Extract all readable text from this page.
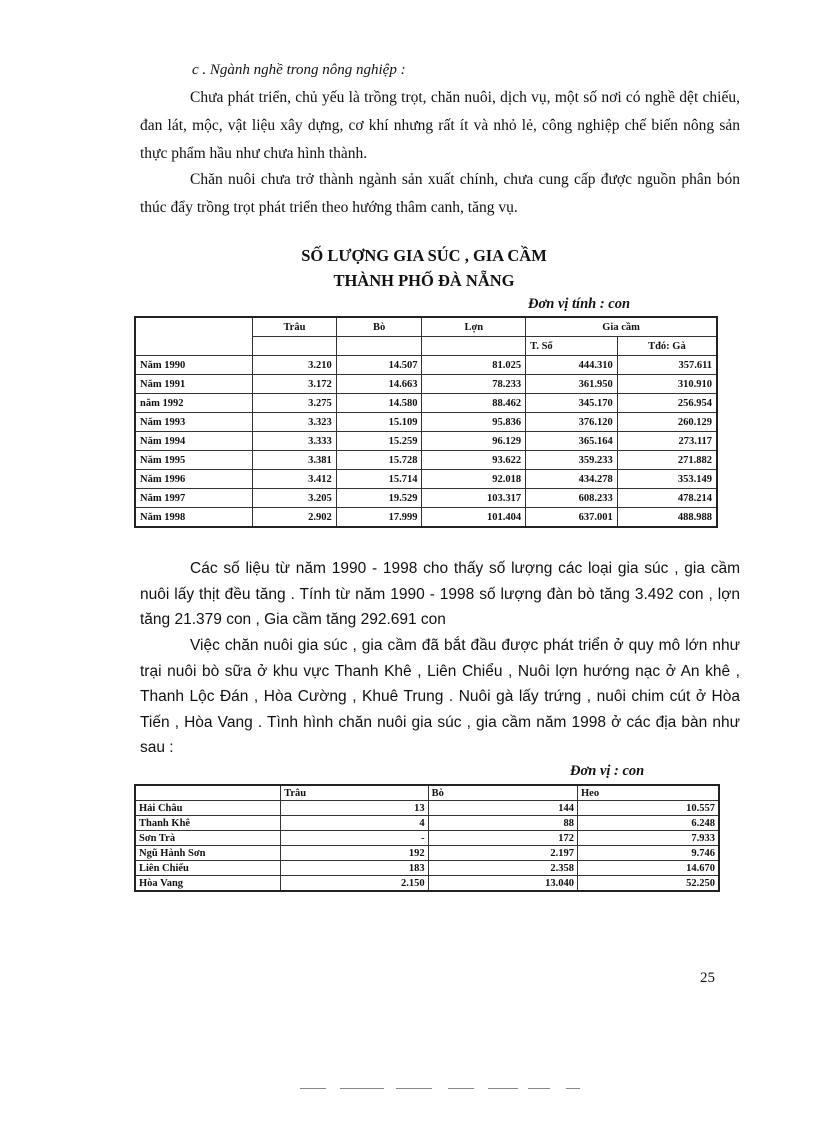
c . Ngành nghề trong nông nghiệp :

Chưa phát triển, chủ yếu là trồng trọt, chăn nuôi, dịch vụ, một số nơi có nghề dệt chiếu, đan lát, mộc, vật liệu xây dựng, cơ khí nhưng rất ít và nhỏ lẻ, công nghiệp chế biến nông sản thực phẩm hầu như chưa hình thành.

Chăn nuôi chưa trở thành ngành sản xuất chính, chưa cung cấp được nguồn phân bón thúc đẩy trồng trọt phát triển theo hướng thâm canh, tăng vụ.

SỐ LƯỢNG GIA SÚC , GIA CẦM
THÀNH PHỐ ĐÀ NẴNG
Đơn vị tính : con
	Trâu	Bò	Lợn	Gia cầm	
				T. Số	Tđó: Gà
Năm 1990	3.210	14.507	81.025	444.310	357.611
Năm 1991	3.172	14.663	78.233	361.950	310.910
năm 1992	3.275	14.580	88.462	345.170	256.954
Năm 1993	3.323	15.109	95.836	376.120	260.129
Năm 1994	3.333	15.259	96.129	365.164	273.117
Năm 1995	3.381	15.728	93.622	359.233	271.882
Năm 1996	3.412	15.714	92.018	434.278	353.149
Năm 1997	3.205	19.529	103.317	608.233	478.214
Năm 1998	2.902	17.999	101.404	637.001	488.988

Các số liệu từ năm 1990 - 1998 cho thấy số lượng các loại gia súc , gia cầm nuôi lấy thịt đều tăng . Tính từ năm 1990 - 1998 số lượng đàn bò tăng 3.492 con , lợn tăng 21.379 con , Gia cầm tăng 292.691 con

Việc chăn nuôi gia súc , gia cầm đã bắt đầu được phát triển ở quy mô lớn như trại nuôi bò sữa ở khu vực Thanh Khê , Liên Chiểu , Nuôi lợn hướng nạc ở An khê , Thanh Lộc Đán , Hòa Cường , Khuê Trung . Nuôi gà lấy trứng , nuôi chim cút ở Hòa Tiến , Hòa Vang . Tình hình chăn nuôi gia súc , gia cầm năm 1998 ở các địa bàn như sau :

Đơn vị : con
	Trâu	Bò	Heo
Hải Châu	13	144	10.557
Thanh Khê	4	88	6.248
Sơn Trà	-	172	7.933
Ngũ Hành Sơn	192	2.197	9.746
Liên Chiểu	183	2.358	14.670
Hòa Vang	2.150	13.040	52.250
25
